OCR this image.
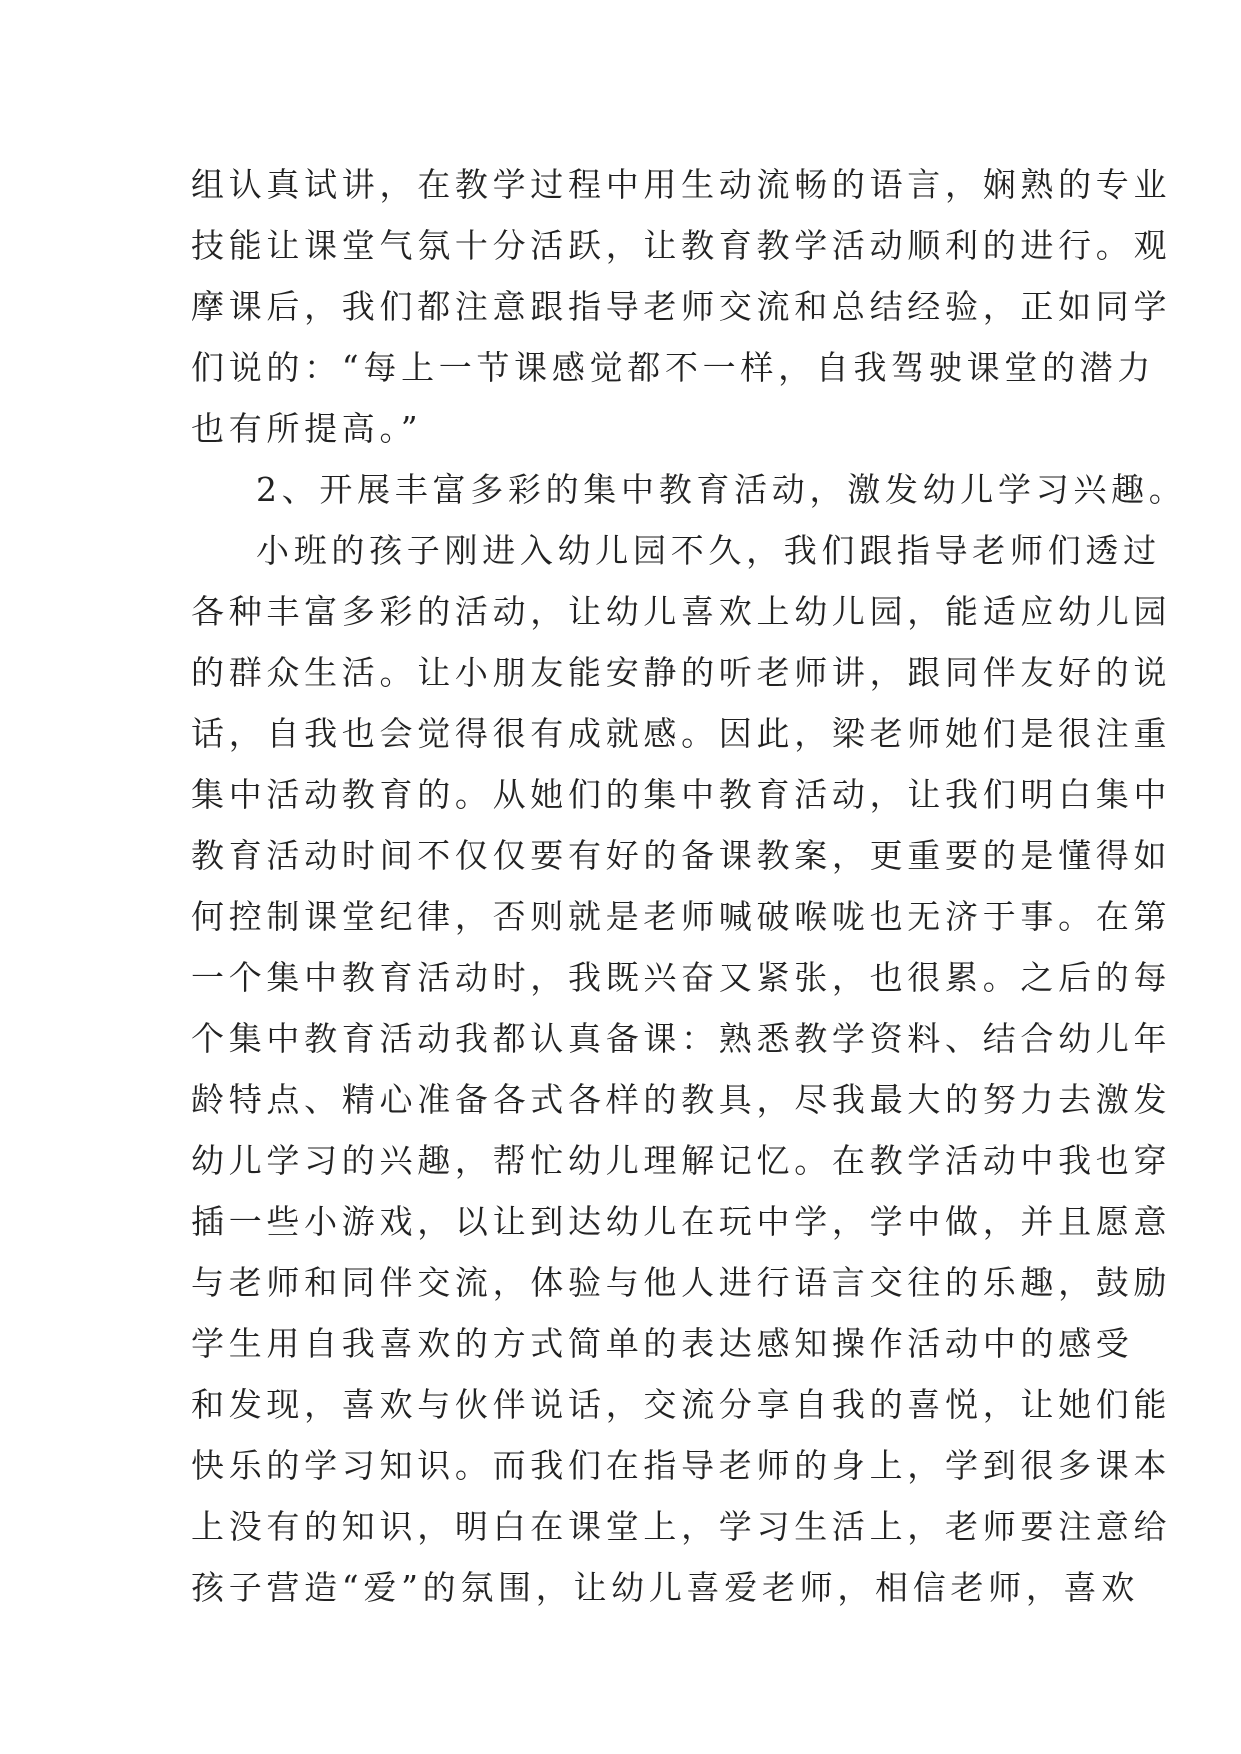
组认真试讲，在教学过程中用生动流畅的语言，娴熟的专业
技能让课堂气氛十分活跃，让教育教学活动顺利的进行。观
摩课后，我们都注意跟指导老师交流和总结经验，正如同学
们说的：“每上一节课感觉都不一样，自我驾驶课堂的潜力
也有所提高。”
2、开展丰富多彩的集中教育活动，激发幼儿学习兴趣。
小班的孩子刚进入幼儿园不久，我们跟指导老师们透过
各种丰富多彩的活动，让幼儿喜欢上幼儿园，能适应幼儿园
的群众生活。让小朋友能安静的听老师讲，跟同伴友好的说
话，自我也会觉得很有成就感。因此，梁老师她们是很注重
集中活动教育的。从她们的集中教育活动，让我们明白集中
教育活动时间不仅仅要有好的备课教案，更重要的是懂得如
何控制课堂纪律，否则就是老师喊破喉咙也无济于事。在第
一个集中教育活动时，我既兴奋又紧张，也很累。之后的每
个集中教育活动我都认真备课：熟悉教学资料、结合幼儿年
龄特点、精心准备各式各样的教具，尽我最大的努力去激发
幼儿学习的兴趣，帮忙幼儿理解记忆。在教学活动中我也穿
插一些小游戏，以让到达幼儿在玩中学，学中做，并且愿意
与老师和同伴交流，体验与他人进行语言交往的乐趣，鼓励
学生用自我喜欢的方式简单的表达感知操作活动中的感受
和发现，喜欢与伙伴说话，交流分享自我的喜悦，让她们能
快乐的学习知识。而我们在指导老师的身上，学到很多课本
上没有的知识，明白在课堂上，学习生活上，老师要注意给
孩子营造“爱”的氛围，让幼儿喜爱老师，相信老师，喜欢
